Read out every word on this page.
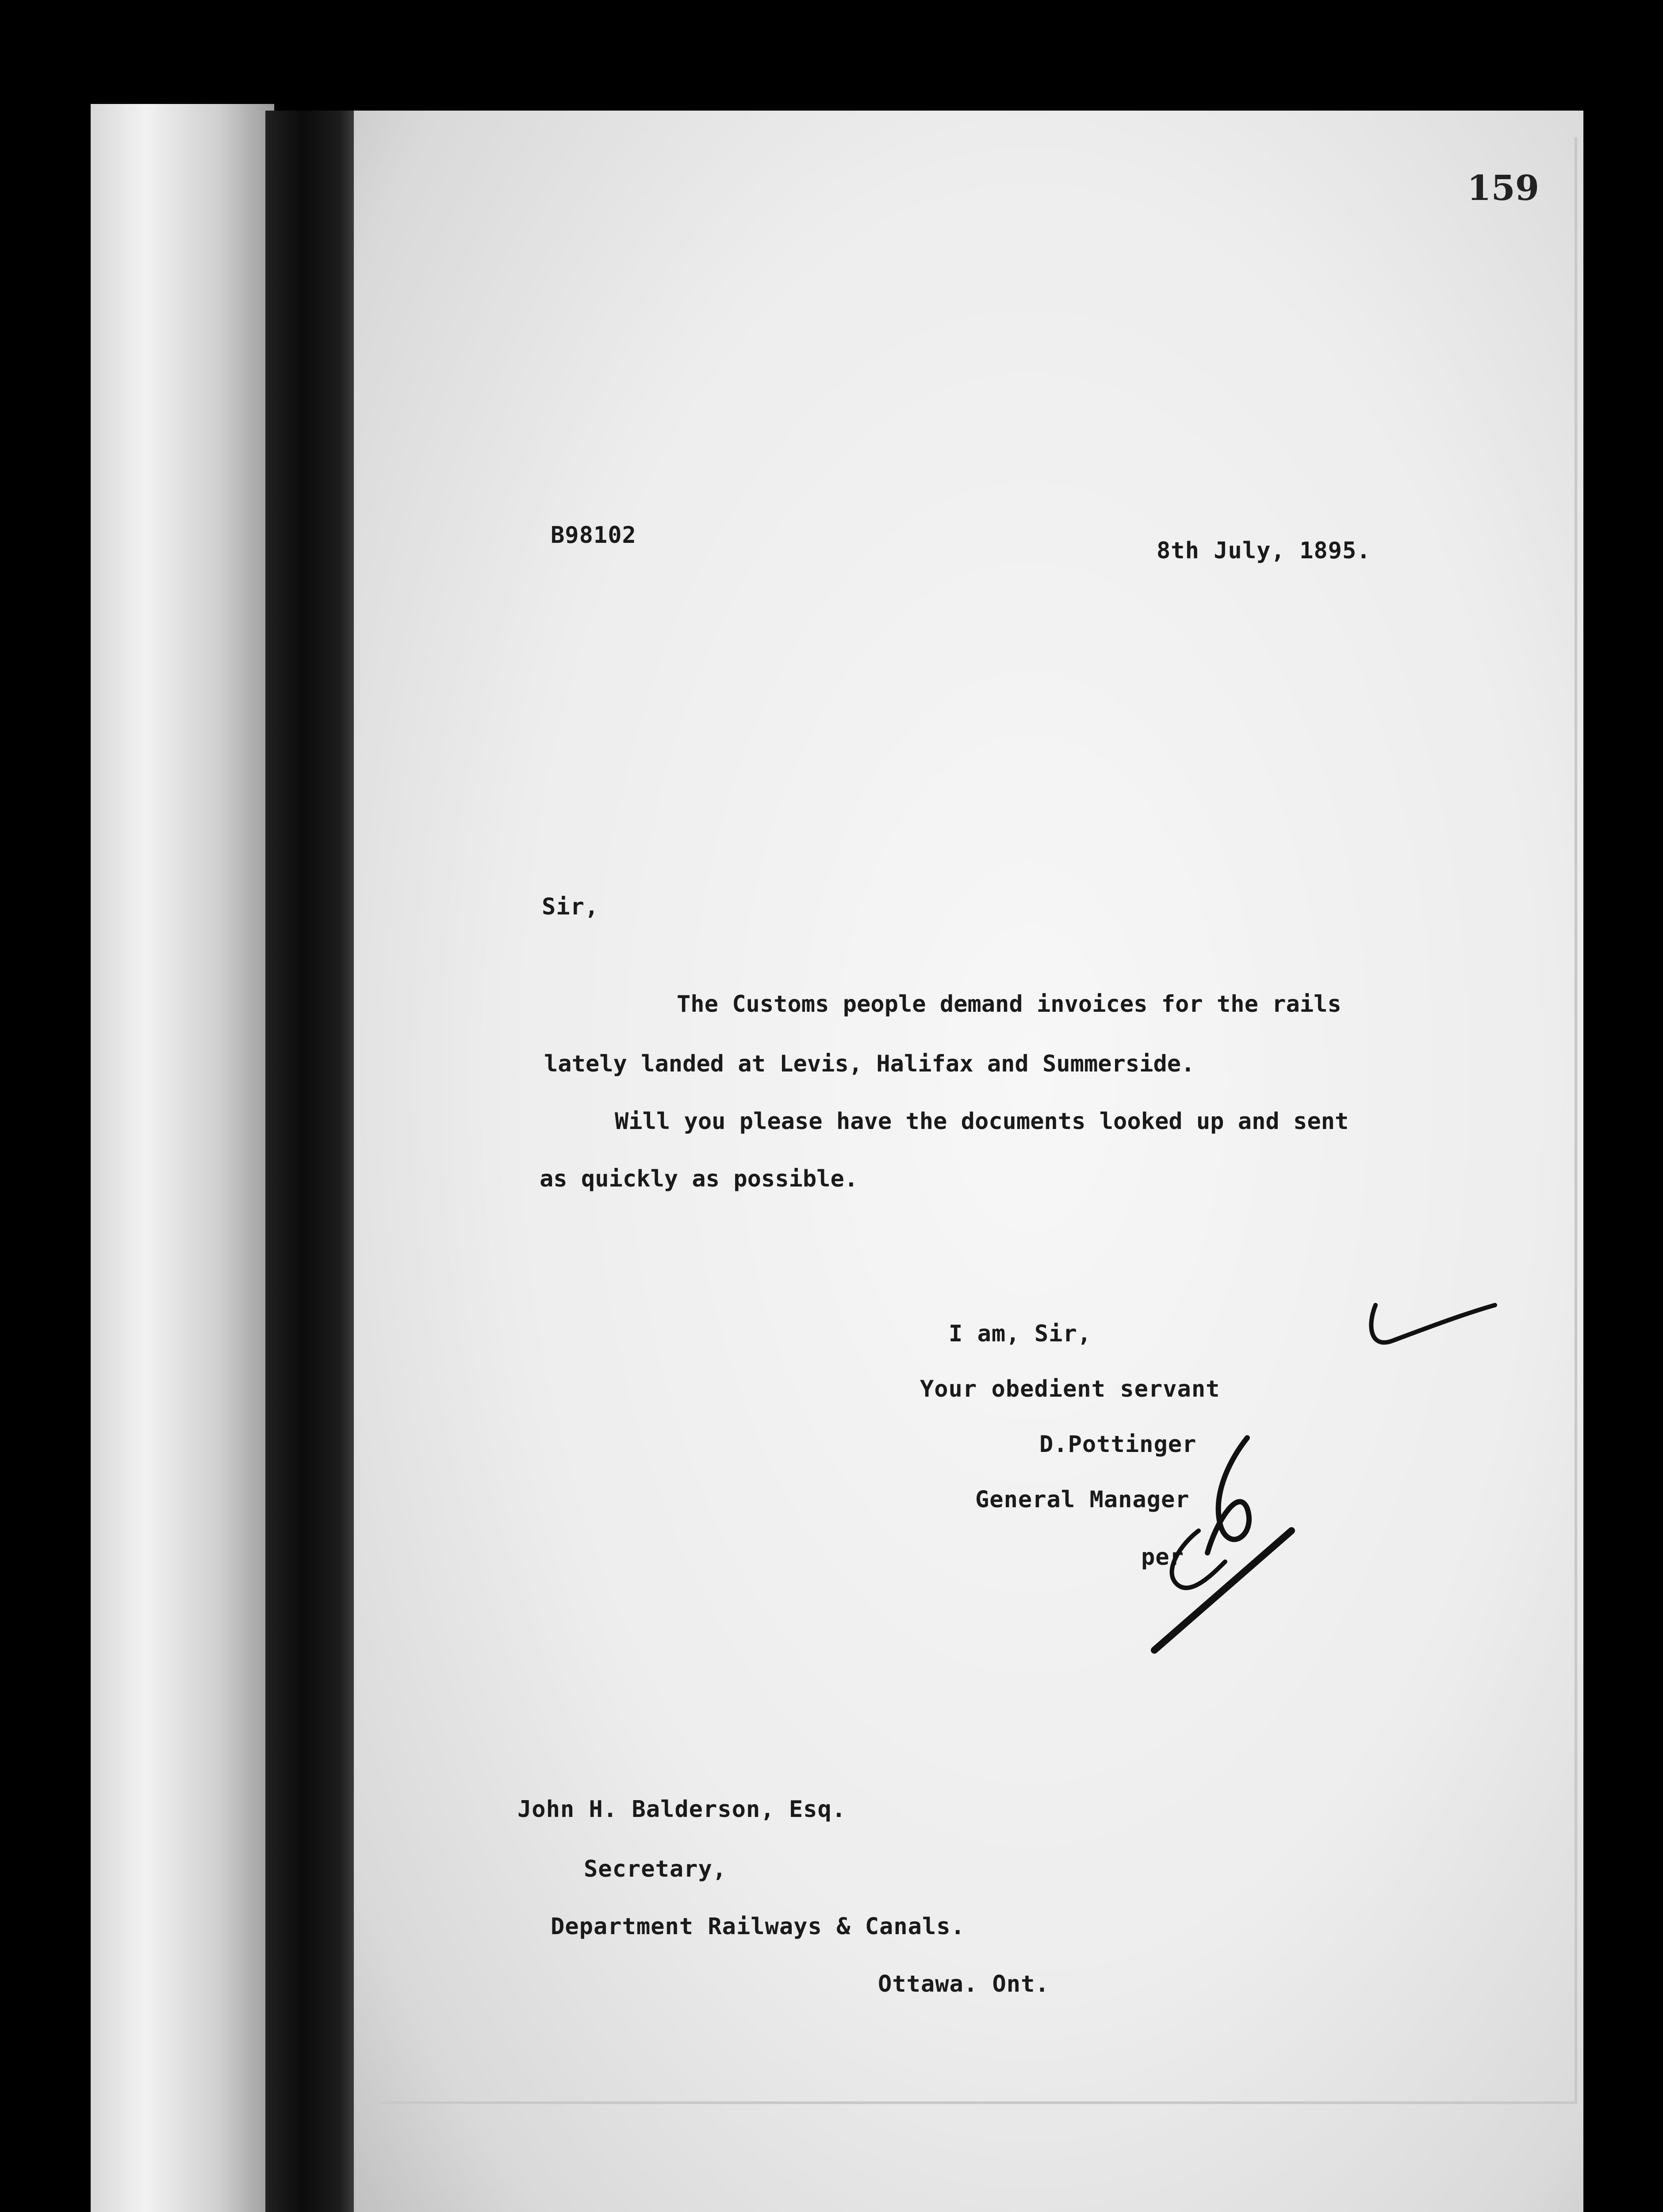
159
B98102
8th July, 1895.
Sir,
The Customs people demand invoices for the rails
lately landed at Levis, Halifax and Summerside.
Will you please have the documents looked up and sent
as quickly as possible.
I am, Sir,
Your obedient servant
D.Pottinger
General Manager
per
John H. Balderson, Esq.
Secretary,
Department Railways & Canals.
Ottawa. Ont.
